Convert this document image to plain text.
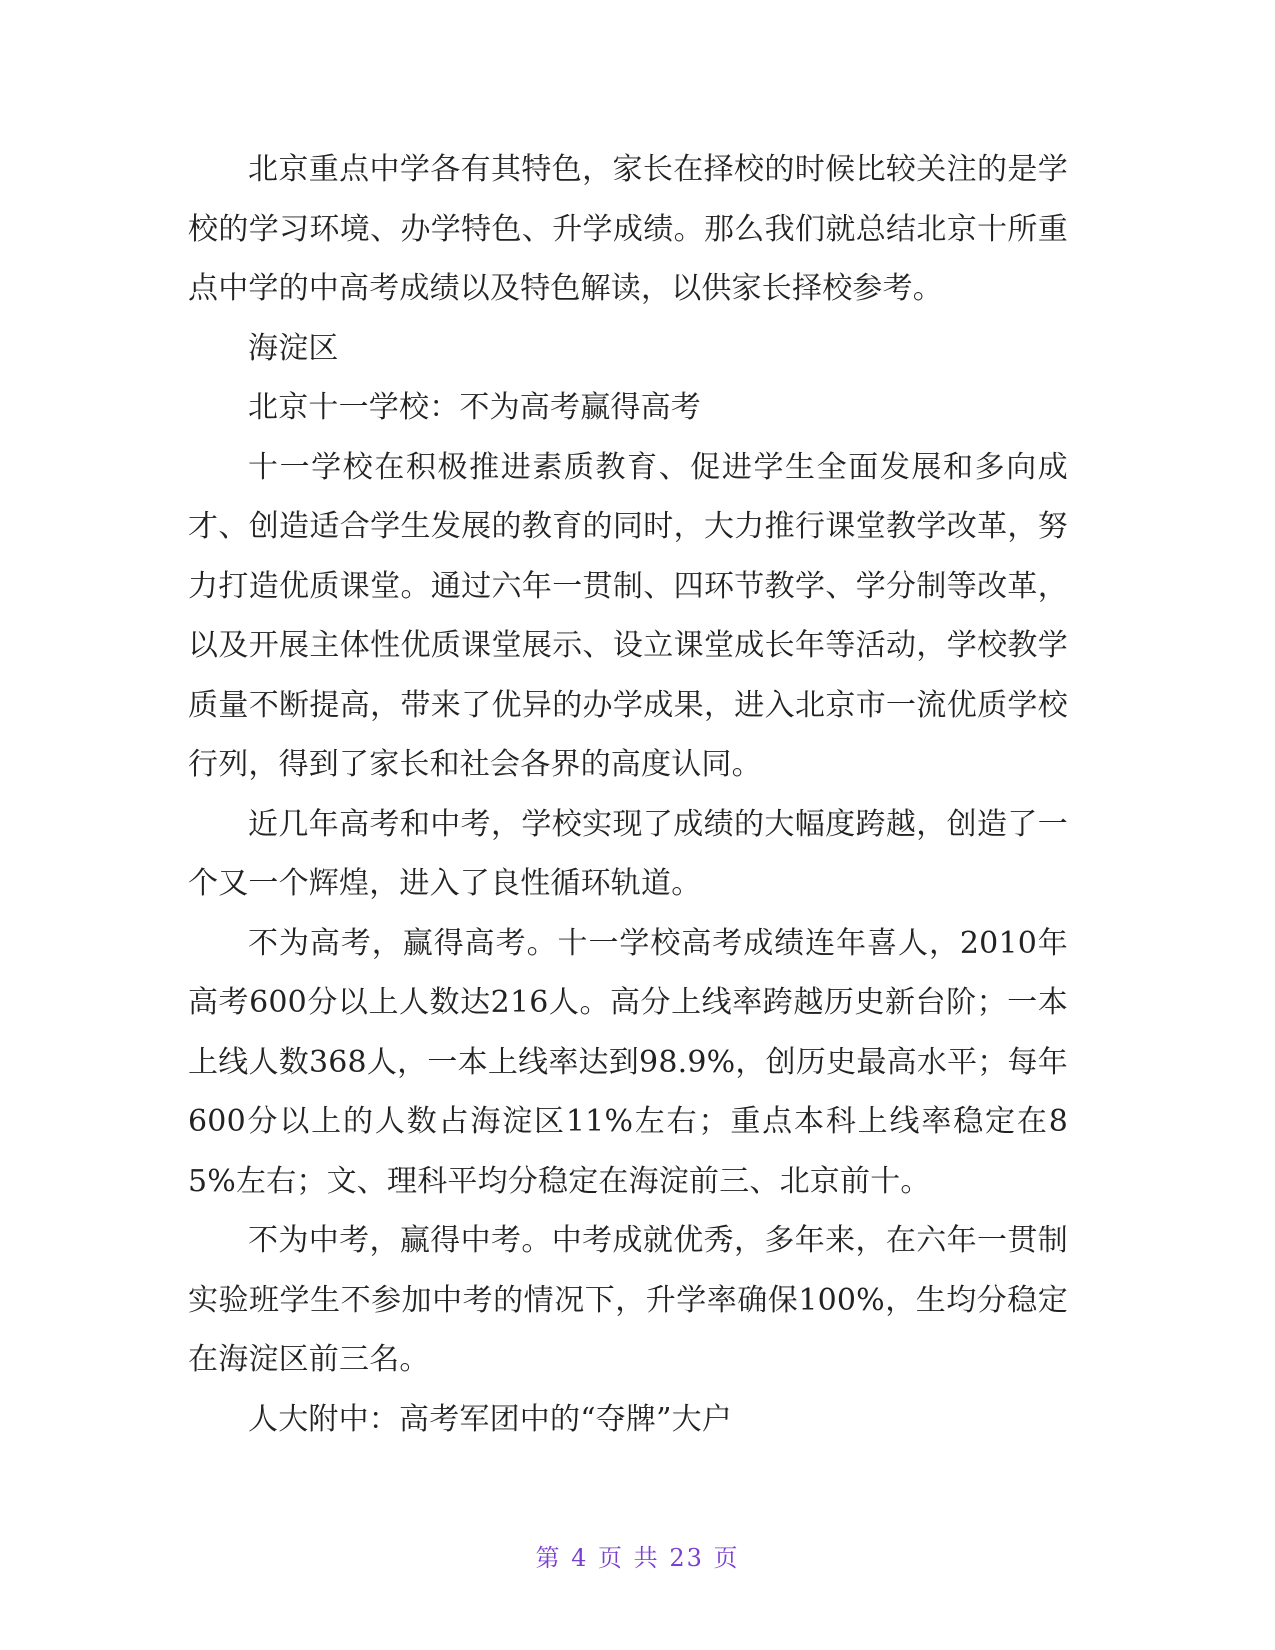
北京重点中学各有其特色，家长在择校的时候比较关注的是学校的学习环境、办学特色、升学成绩。那么我们就总结北京十所重点中学的中高考成绩以及特色解读，以供家长择校参考。

海淀区

北京十一学校：不为高考赢得高考

十一学校在积极推进素质教育、促进学生全面发展和多向成才、创造适合学生发展的教育的同时，大力推行课堂教学改革，努力打造优质课堂。通过六年一贯制、四环节教学、学分制等改革，以及开展主体性优质课堂展示、设立课堂成长年等活动，学校教学质量不断提高，带来了优异的办学成果，进入北京市一流优质学校行列，得到了家长和社会各界的高度认同。

近几年高考和中考，学校实现了成绩的大幅度跨越，创造了一个又一个辉煌，进入了良性循环轨道。

不为高考，赢得高考。十一学校高考成绩连年喜人，2010年高考600分以上人数达216人。高分上线率跨越历史新台阶；一本上线人数368人，一本上线率达到98.9%，创历史最高水平；每年600分以上的人数占海淀区11%左右；重点本科上线率稳定在85%左右；文、理科平均分稳定在海淀前三、北京前十。

不为中考，赢得中考。中考成就优秀，多年来，在六年一贯制实验班学生不参加中考的情况下，升学率确保100%，生均分稳定在海淀区前三名。

人大附中：高考军团中的“夺牌”大户

第 4 页 共 23 页
